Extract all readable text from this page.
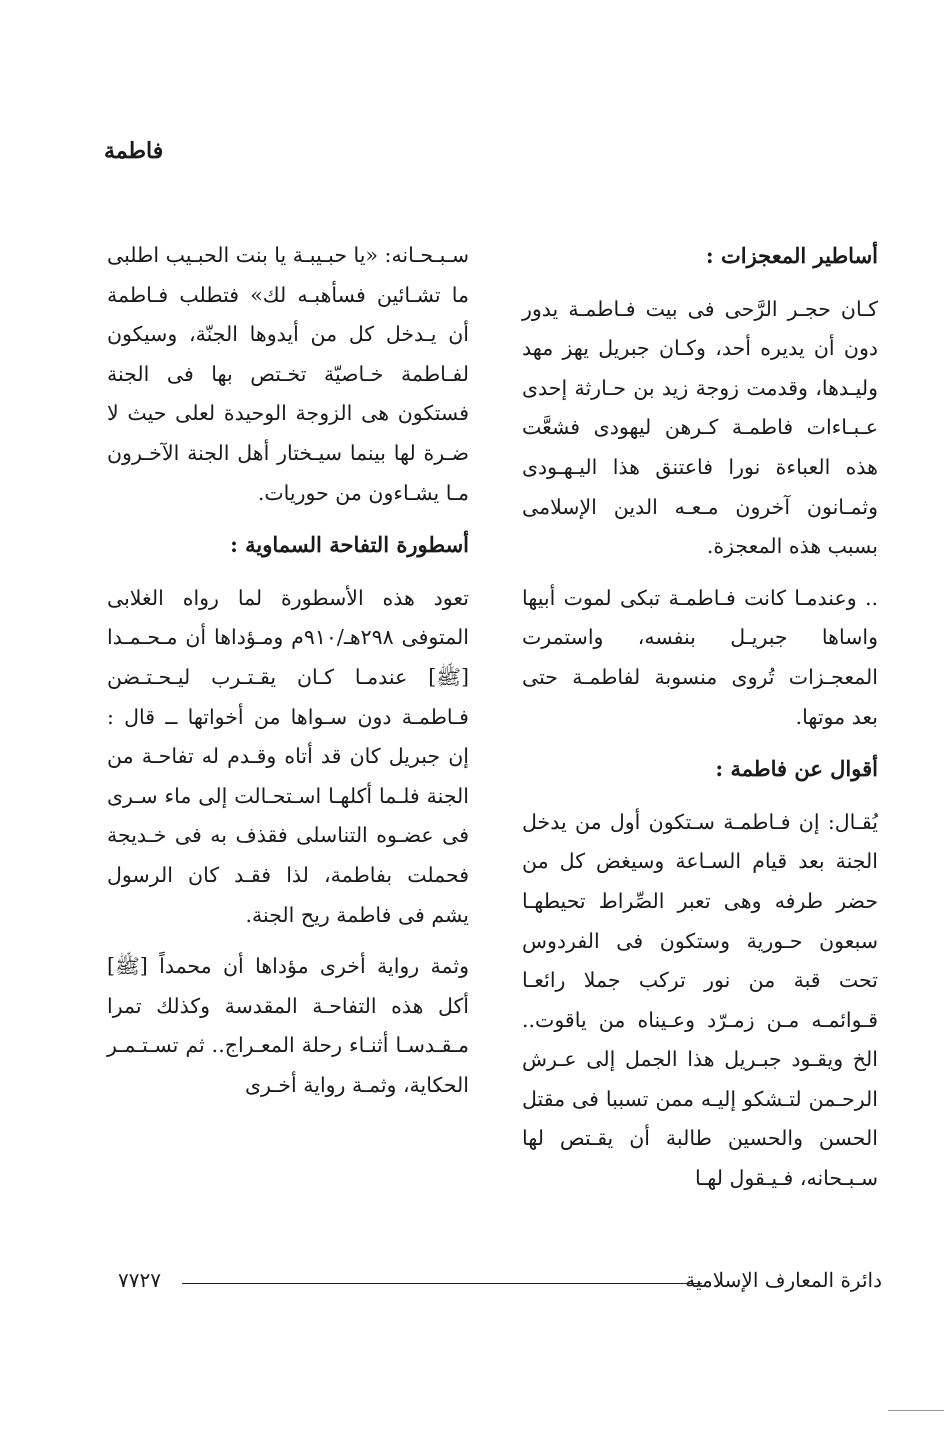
فاطمة
أساطير المعجزات :

كـان حجـر الرَّحى فى بيت فـاطمـة يدور دون أن يديره أحد، وكـان جبريل يهز مهد وليـدها، وقدمت زوجة زيد بن حـارثة إحدى عـبـاءات فاطمـة كـرهن ليهودى فشعَّت هذه العباءة نورا فاعتنق هذا اليـهـودى وثمـانون آخرون مـعـه الدين الإسلامى بسبب هذه المعجزة.

.. وعندمـا كانت فـاطمـة تبكى لموت أبيها واساها جبريـل بنفسه، واستمرت المعجـزات تُروى منسوبة لفاطمـة حتى بعد موتها.

أقوال عن فاطمة :

يُقـال: إن فـاطمـة سـتكون أول من يدخل الجنة بعد قيام السـاعة وسيغض كل من حضر طرفه وهى تعبر الصِّراط تحيطهـا سبعون حـورية وستكون فى الفردوس تحت قبة من نور تركب جملا رائعـا قـوائمـه مـن زمـرّد وعـيناه من ياقوت.. الخ ويقـود جبـريل هذا الجمل إلى عـرش الرحـمن لتـشكو إليـه ممن تسببا فى مقتل الحسن والحسين طالبة أن يقـتص لها سـبـحانه، فـيـقول لهـا

سـبـحـانه: «يا حبـيبـة يا بنت الحبـيب اطلبى ما تشـائين فسأهبـه لك» فتطلب فـاطمة أن يـدخل كل من أيدوها الجنّة، وسيكون لفـاطمة خـاصيّة تخـتص بها فى الجنة فستكون هى الزوجة الوحيدة لعلى حيث لا ضـرة لها بينما سيـختار أهل الجنة الآخـرون مـا يشـاءون من حوريات.

أسطورة التفاحة السماوية :

تعود هذه الأسطورة لما رواه الغلابى المتوفى ٢٩٨هـ/٩١٠م ومـؤداها أن مـحـمـدا [ﷺ] عندمـا كـان يقـتـرب ليـحـتـضن فـاطمـة دون سـواها من أخواتها ــ قال : إن جبريل كان قد أتاه وقـدم له تفاحـة من الجنة فلـما أكلهـا اسـتحـالت إلى ماء سـرى فى عضـوه التناسلى فقذف به فى خـديجة فحملت بفاطمة، لذا فقـد كان الرسول يشم فى فاطمة ريح الجنة.

وثمة رواية أخرى مؤداها أن محمداً [ﷺ] أكل هذه التفاحـة المقدسة وكذلك تمرا مـقـدسـا أثنـاء رحلة المعـراج.. ثم تسـتـمـر الحكاية، وثمـة رواية أخـرى

دائرة المعارف الإسلامية
٧٧٢٧
